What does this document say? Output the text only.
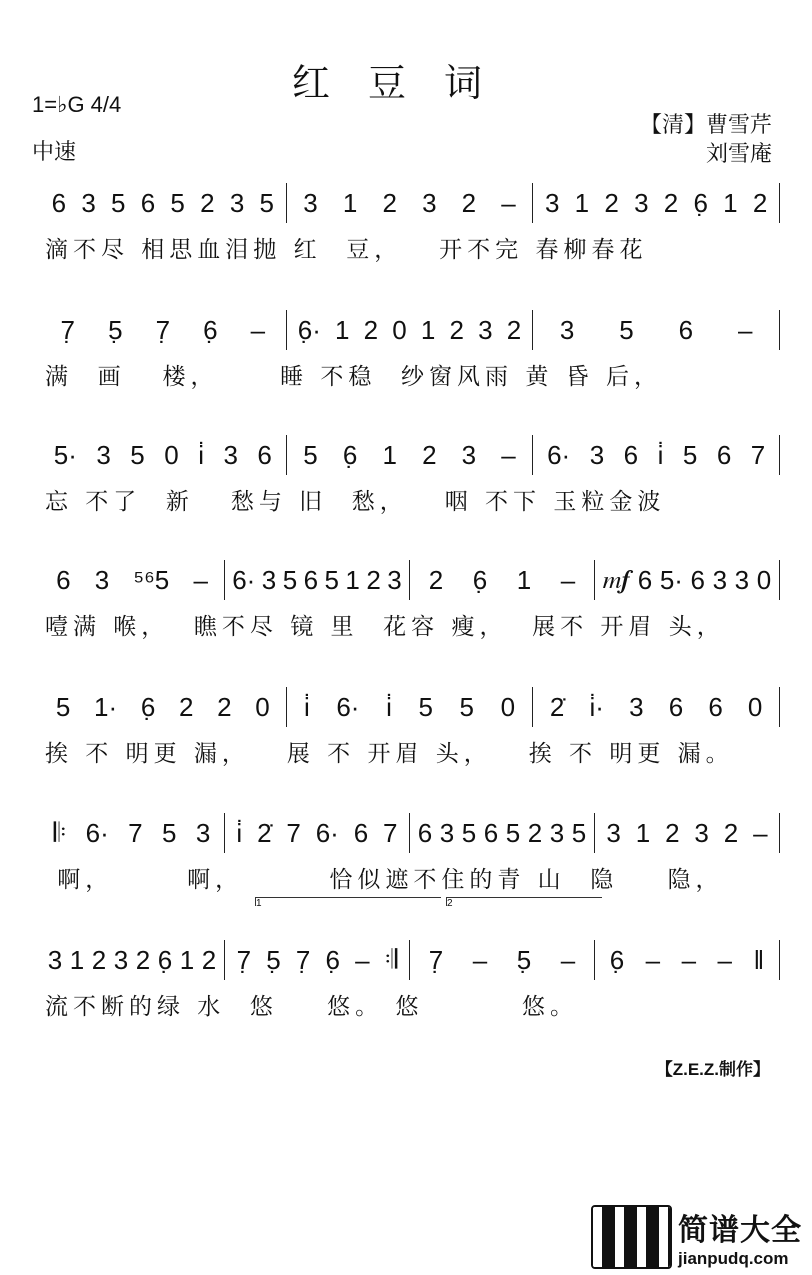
红豆词
1=♭G 4/4
中速
【清】曹雪芹
刘雪庵
6 3 5 6 5 2 3 5 3 1 2 3 2 – 3 1 2 3 2 6̣ 1 2
滴不尽 相思血泪抛 红  豆，   开不完 春柳春花
7̣ 5̣ 7̣ 6̣ – 6̣· 1 2 0 1 2 3 2 3 5 6 –
满  画   楼，     睡 不稳  纱窗风雨 黄 昏 后，
5· 3 5 0 i̇ 3 6 5 6̣ 1 2 3 – 6· 3 6 i̇ 5 6 7
忘 不了  新   愁与 旧  愁，   咽 不下 玉粒金波
6 3 ⁵⁶5 – 6· 3 5 6 5 1 2 3 2 6̣ 1 – 𝆐𝆑 6 5· 6 3 3 0
噎满 喉，  瞧不尽 镜 里  花容 瘦，  展不 开眉 头，
5 1· 6̣ 2 2 0 i̇ 6· i̇ 5 5 0 2̇ i̇· 3 6 6 0
挨 不 明更 漏，   展 不 开眉 头，   挨 不 明更 漏。
𝄆 6· 7 5 3 i̇ 2̇ 7 6· 6 7 6 3 5 6 5 2 3 5 3 1 2 3 2 –
啊，      啊，       恰似遮不住的青 山  隐    隐，
3 1 2 3 2 6̣ 1 2 7̣ 5̣ 7̣ 6̣ – 𝄇 7̣ – 5̣ – 6̣ – – – ‖
流不断的绿 水  悠    悠。 悠        悠。
1	2
【Z.E.Z.制作】
简谱大全
jianpudq.com
